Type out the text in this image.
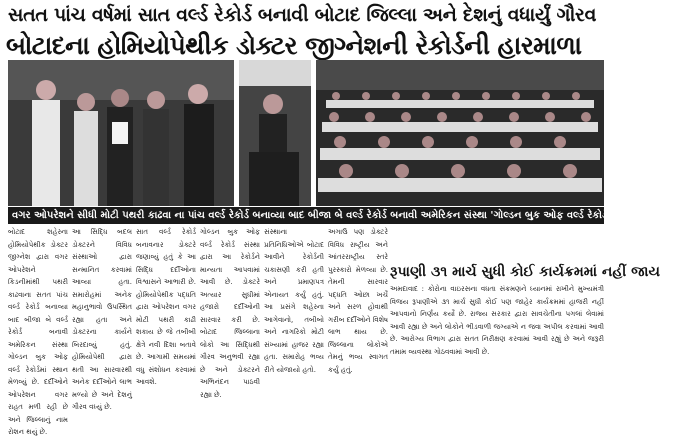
સતત પાંચ વર્ષમાં સાત વર્લ્ડ રેકોર્ડ બનાવી બોટાદ જિલ્લા અને દેશનું વધાર્યું ગૌરવ
બોટાદના હોમિયોપેથીક ડોક્ટર જીગ્નેશની રેકોર્ડની હારમાળા
વગર ઓપરેશને સીધી મોટી પથરી કાઢવા ના પાંચ વર્લ્ડ રેકોર્ડ બનાવ્યા બાદ બીજા બે વર્લ્ડ રેકોર્ડ બનાવી અમેરિકન સંસ્થા 'ગોલ્ડન બુક ઓફ વર્લ્ડ રેકોર્ડ'માં મેળવ્યું સ્થાન

બોટાદ શહેરના હોમિયોપેથીક ડોક્ટર જીગ્નેશ દ્વારા વગર ઓપરેશને કિડનીમાંથી પથરી કાઢવાના સતત પાંચ વર્લ્ડ રેકોર્ડ બનાવ્યા બાદ બીજા બે વર્લ્ડ રેકોર્ડ બનાવી અમેરિકન સંસ્થા ગોલ્ડન બુક ઓફ વર્લ્ડ રેકોર્ડમાં સ્થાન મેળવ્યું છે. દર્દીઓને ઓપરેશન વગર રાહત મળી રહી છે અને જિલ્લાનું નામ રોશન થયું છે.

આ સિદ્ધિ બદલ ડોક્ટરને વિવિધ સંસ્થાઓ દ્વારા સન્માનિત કરવામાં આવ્યા હતા. સમારોહમાં અનેક મહાનુભાવો ઉપસ્થિત રહ્યા હતા અને ડોક્ટરના કાર્યને બિરદાવ્યું હતું. હોમિયોપેથી દ્વારા થતી આ સારવારથી અનેક દર્દીઓને લાભ મળ્યો છે અને દેશનું ગૌરવ વધ્યું છે.

સાત વર્લ્ડ રેકોર્ડ બનાવનાર ડોક્ટરે જણાવ્યું હતું કે આ સિદ્ધિ દર્દીઓના વિશ્વાસને આભારી છે. હોમિયોપેથીક પદ્ધતિ દ્વારા ઓપરેશન વગર મોટી પથરી કાઢી શકાય છે જે તબીબી ક્ષેત્રે નવી દિશા બતાવે છે. આગામી સમયમાં વધુ સંશોધન કરવામાં આવશે.

ગોલ્ડન બુક ઓફ વર્લ્ડ રેકોર્ડ સંસ્થા દ્વારા આ રેકોર્ડને માન્યતા આપવામાં આવી છે. ડોક્ટરે અત્યાર સુધીમાં હજારો દર્દીઓની સારવાર કરી છે. બોટાદ જિલ્લાના લોકો આ સિદ્ધિથી ગૌરવ અનુભવી રહ્યા છે અને ડોક્ટરને અભિનંદન પાઠવી રહ્યા છે.

સંસ્થાના પ્રતિનિધિઓએ બોટાદ આવીને રેકોર્ડની ચકાસણી કરી હતી અને પ્રમાણપત્ર એનાયત કર્યું હતું. આ પ્રસંગે શહેરના આગેવાનો, તબીબો અને નાગરિકો મોટી સંખ્યામાં હાજર રહ્યા હતા. સમારોહ ભવ્ય રીતે યોજાયો હતો.

અગાઉ પણ ડોક્ટરે વિવિધ રાષ્ટ્રીય અને આંતરરાષ્ટ્રીય સ્તરે પુરસ્કારો મેળવ્યા છે. તેમની સારવાર પદ્ધતિ ઓછા ખર્ચે અને સરળ હોવાથી ગરીબ દર્દીઓને વિશેષ લાભ થાય છે. જિલ્લાના લોકોએ તેમનું ભવ્ય સ્વાગત કર્યું હતું.

રૂપાણી ૩૧ માર્ચ સુધી કોઈ કાર્યક્રમમાં નહીં જાય
અમદાવાદ : કોરોના વાઇરસના વધતા સંક્રમણને ધ્યાનમાં રાખીને મુખ્યમંત્રી વિજય રૂપાણીએ ૩૧ માર્ચ સુધી કોઈ પણ જાહેર કાર્યક્રમમાં હાજરી નહીં આપવાનો નિર્ણય કર્યો છે. રાજ્ય સરકાર દ્વારા સાવચેતીના પગલાં લેવામાં આવી રહ્યા છે અને લોકોને ભીડવાળી જગ્યાએ ન જવા અપીલ કરવામાં આવી છે. આરોગ્ય વિભાગ દ્વારા સતત નિરીક્ષણ કરવામાં આવી રહ્યું છે અને જરૂરી તમામ વ્યવસ્થા ગોઠવવામાં આવી છે.
